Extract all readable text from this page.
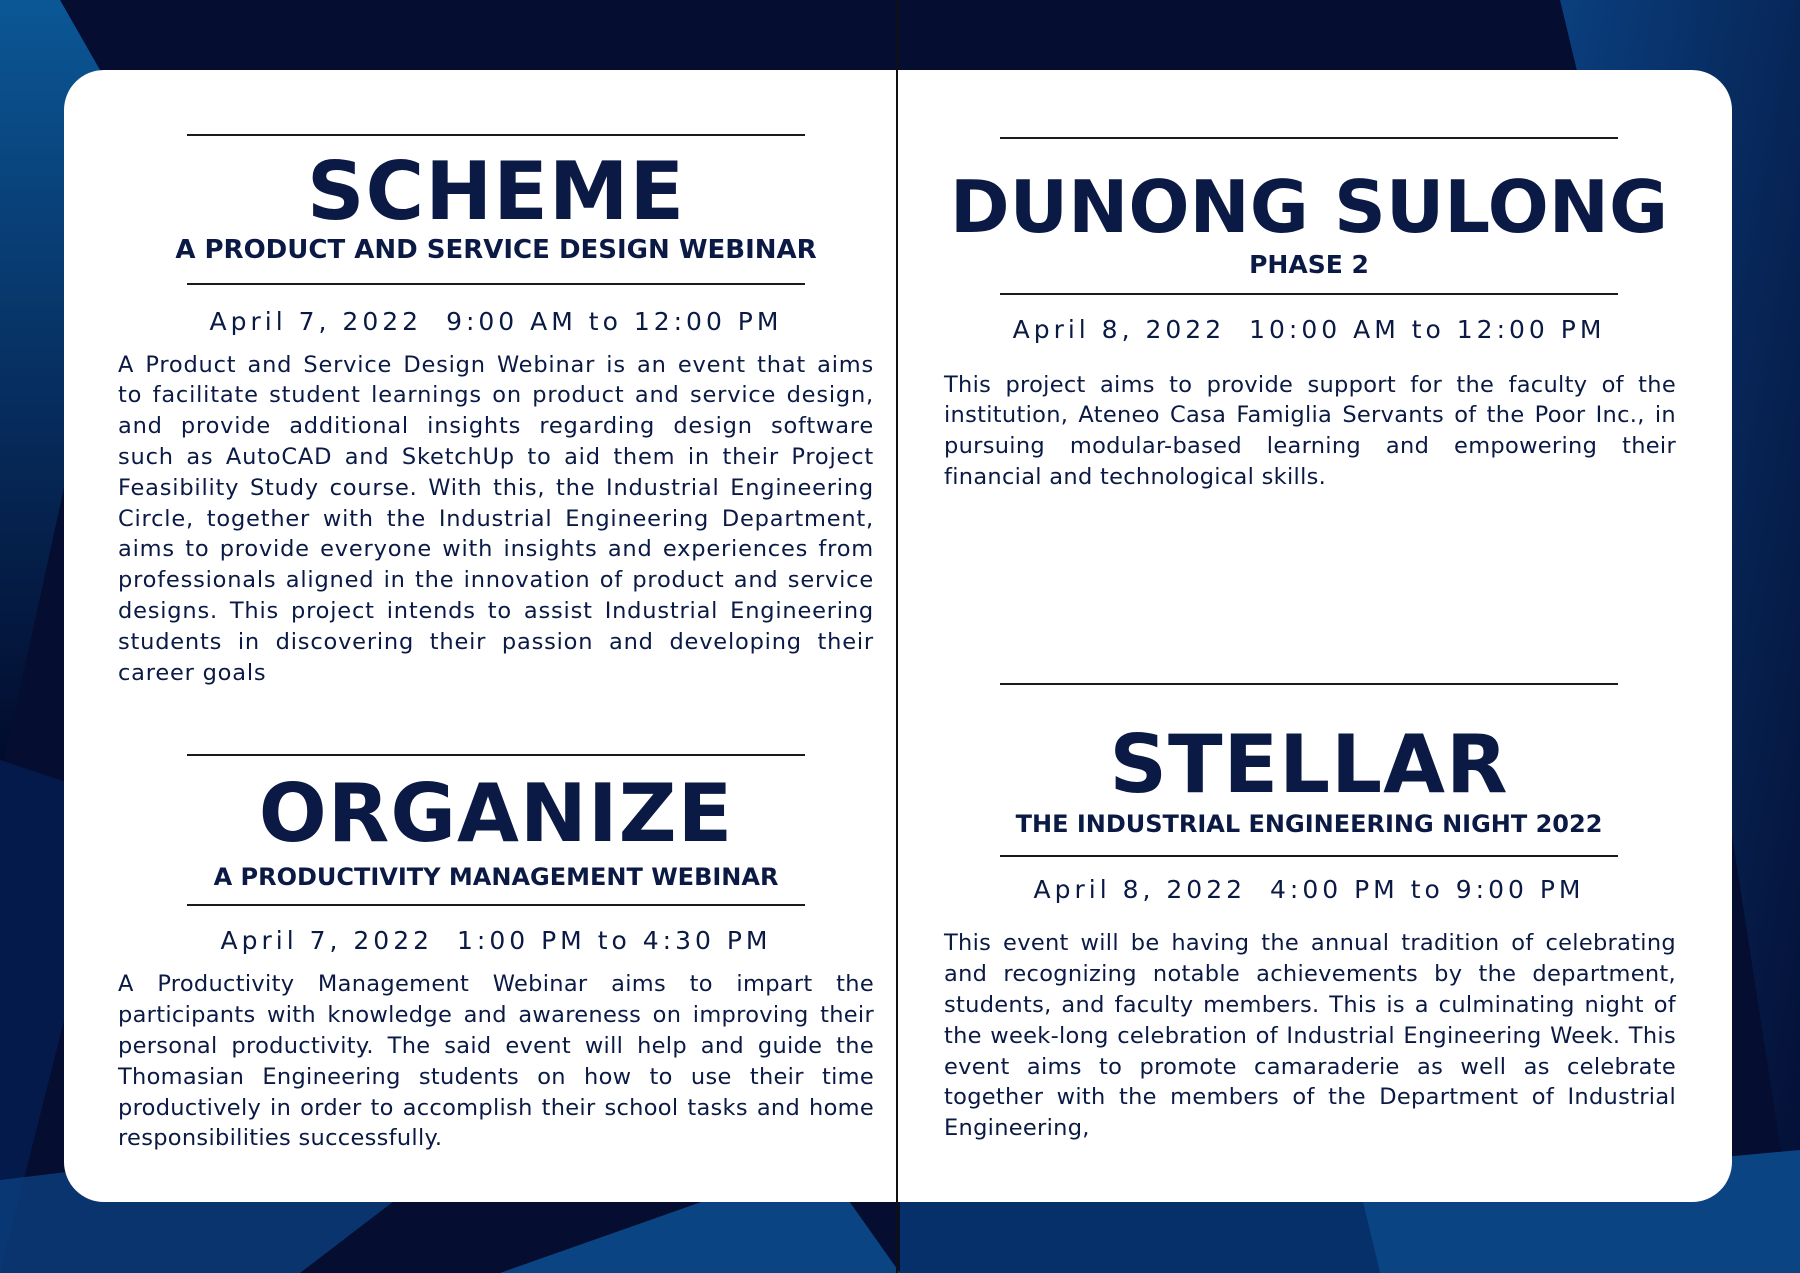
SCHEME
A PRODUCT AND SERVICE DESIGN WEBINAR
April 7, 2022 9:00 AM to 12:00 PM

A Product and Service Design Webinar is an event that aims to facilitate student learnings on product and service design, and provide additional insights regarding design software such as AutoCAD and SketchUp to aid them in their Project Feasibility Study course. With this, the Industrial Engineering Circle, together with the Industrial Engineering Department, aims to provide everyone with insights and experiences from professionals aligned in the innovation of product and service designs. This project intends to assist Industrial Engineering students in discovering their passion and developing their career goals

ORGANIZE
A PRODUCTIVITY MANAGEMENT WEBINAR
April 7, 2022 1:00 PM to 4:30 PM

A Productivity Management Webinar aims to impart the participants with knowledge and awareness on improving their personal productivity. The said event will help and guide the Thomasian Engineering students on how to use their time productively in order to accomplish their school tasks and home responsibilities successfully.

DUNONG SULONG
PHASE 2
April 8, 2022 10:00 AM to 12:00 PM

This project aims to provide support for the faculty of the institution, Ateneo Casa Famiglia Servants of the Poor Inc., in pursuing modular-based learning and empowering their financial and technological skills.

STELLAR
THE INDUSTRIAL ENGINEERING NIGHT 2022
April 8, 2022 4:00 PM to 9:00 PM

This event will be having the annual tradition of celebrating and recognizing notable achievements by the department, students, and faculty members. This is a culminating night of the week-long celebration of Industrial Engineering Week. This event aims to promote camaraderie as well as celebrate together with the members of the Department of Industrial Engineering,
